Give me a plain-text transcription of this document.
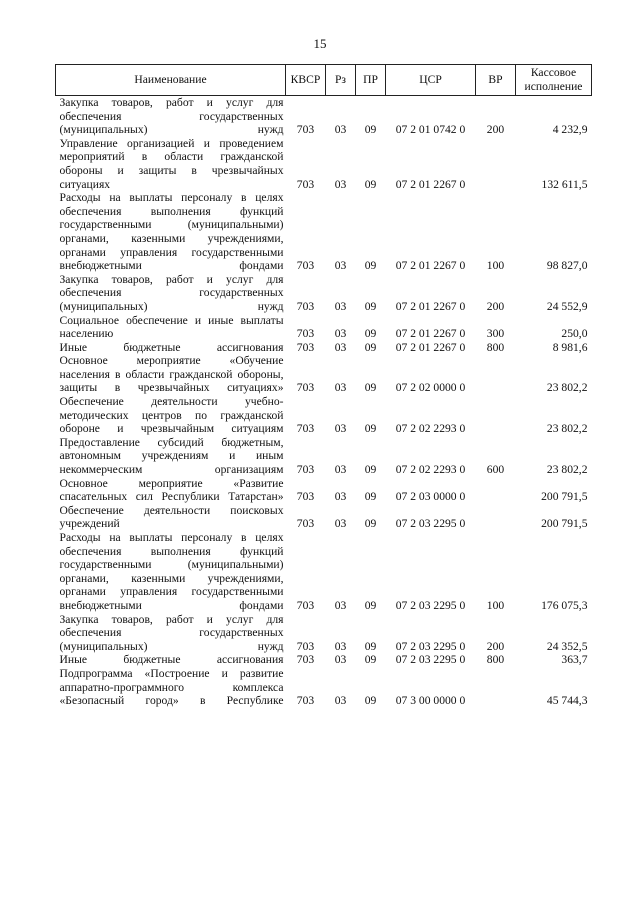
15
Наименование	КВСР	Рз	ПР	ЦСР	ВР	Кассовое исполнение
Закупка товаров, работ и услуг для обеспечения государственных (муниципальных) нужд	703	03	09	07 2 01 0742 0	200	4 232,9
Управление организацией и проведением мероприятий в области гражданской обороны и защиты в чрезвычайных ситуациях	703	03	09	07 2 01 2267 0		132 611,5
Расходы на выплаты персоналу в целях обеспечения выполнения функций государственными (муниципальными) органами, казенными учреждениями, органами управления государственными внебюджетными фондами	703	03	09	07 2 01 2267 0	100	98 827,0
Закупка товаров, работ и услуг для обеспечения государственных (муниципальных) нужд	703	03	09	07 2 01 2267 0	200	24 552,9
Социальное обеспечение и иные выплаты населению	703	03	09	07 2 01 2267 0	300	250,0
Иные бюджетные ассигнования	703	03	09	07 2 01 2267 0	800	8 981,6
Основное мероприятие «Обучение населения в области гражданской обороны, защиты в чрезвычайных ситуациях»	703	03	09	07 2 02 0000 0		23 802,2
Обеспечение деятельности учебно-методических центров по гражданской обороне и чрезвычайным ситуациям	703	03	09	07 2 02 2293 0		23 802,2
Предоставление субсидий бюджетным, автономным учреждениям и иным некоммерческим организациям	703	03	09	07 2 02 2293 0	600	23 802,2
Основное мероприятие «Развитие спасательных сил Республики Татарстан»	703	03	09	07 2 03 0000 0		200 791,5
Обеспечение деятельности поисковых учреждений	703	03	09	07 2 03 2295 0		200 791,5
Расходы на выплаты персоналу в целях обеспечения выполнения функций государственными (муниципальными) органами, казенными учреждениями, органами управления государственными внебюджетными фондами	703	03	09	07 2 03 2295 0	100	176 075,3
Закупка товаров, работ и услуг для обеспечения государственных (муниципальных) нужд	703	03	09	07 2 03 2295 0	200	24 352,5
Иные бюджетные ассигнования	703	03	09	07 2 03 2295 0	800	363,7
Подпрограмма «Построение и развитие аппаратно-программного комплекса «Безопасный город» в Республике	703	03	09	07 3 00 0000 0		45 744,3
